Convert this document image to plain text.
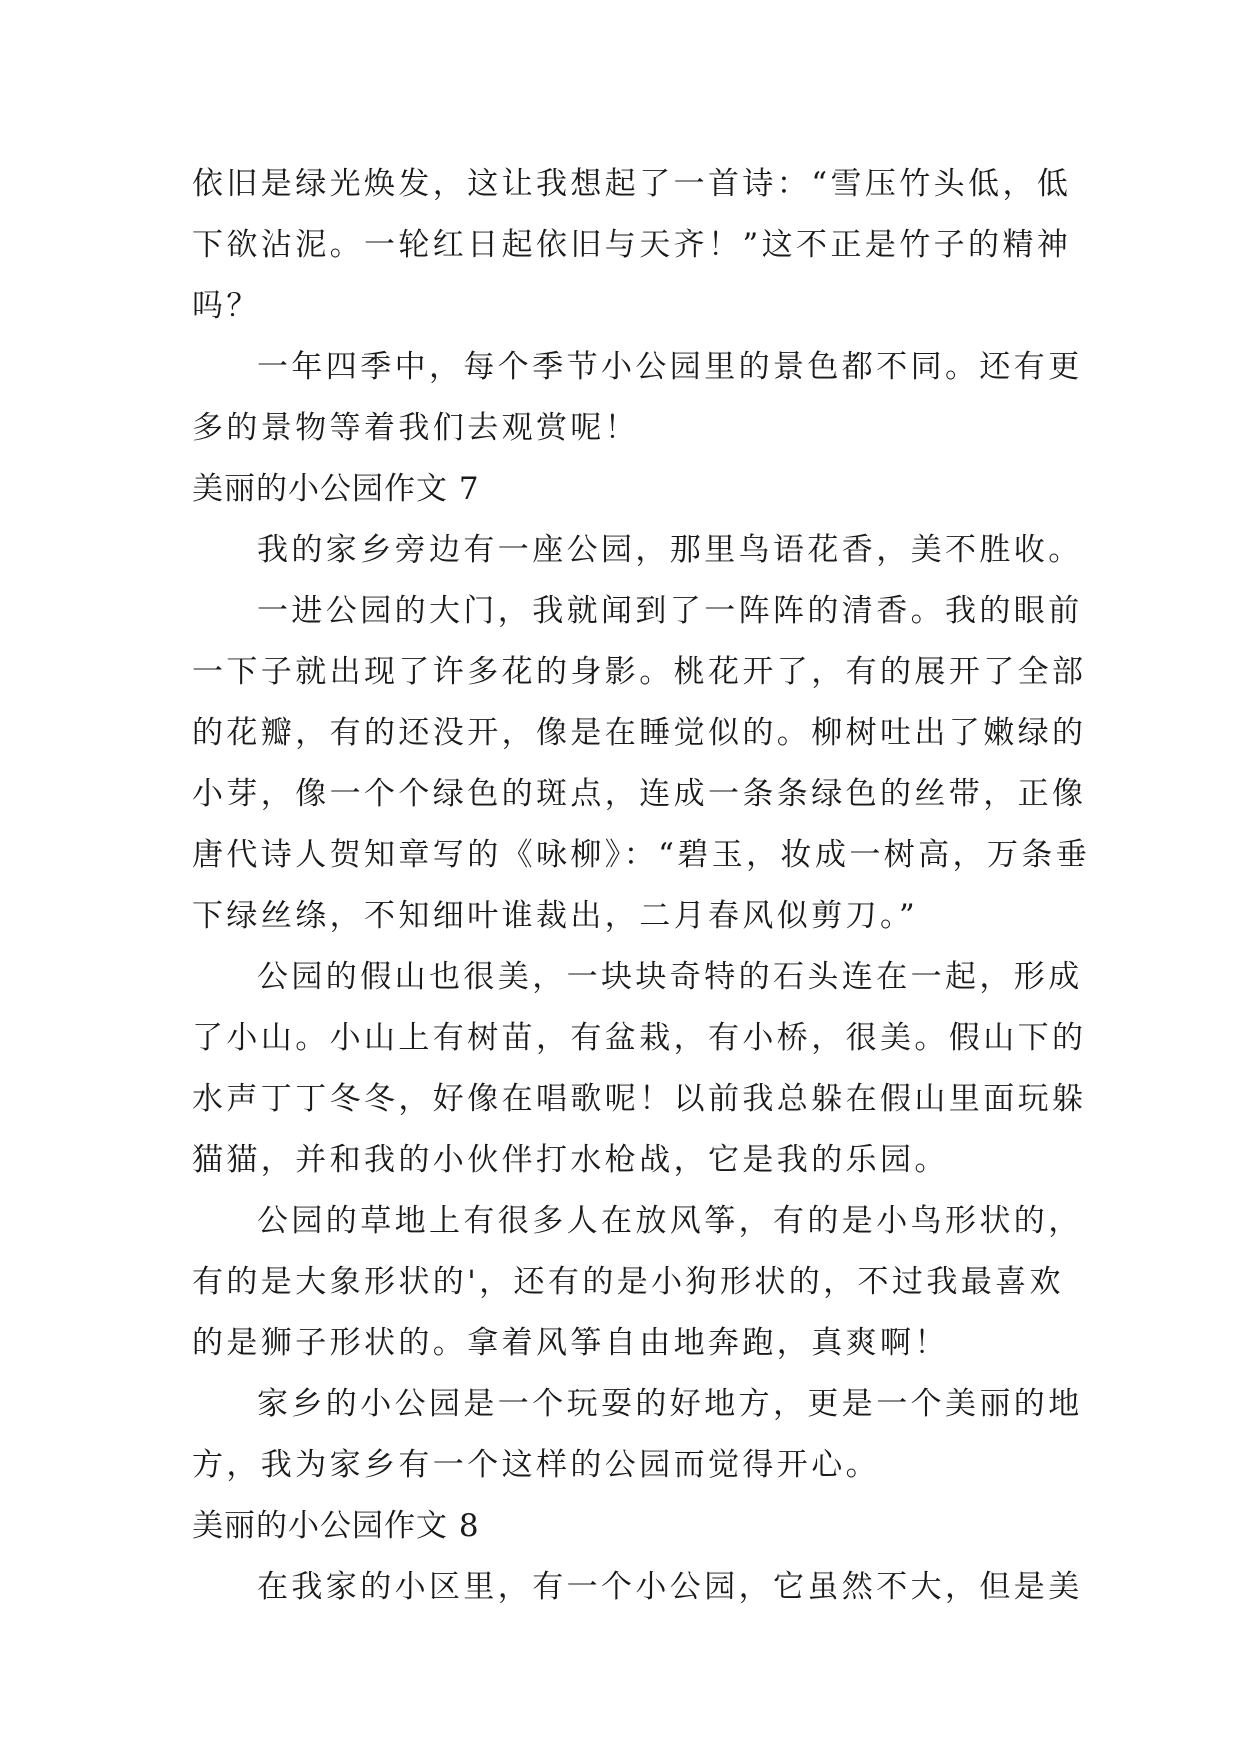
依旧是绿光焕发，这让我想起了一首诗：“雪压竹头低，低
下欲沾泥。一轮红日起依旧与天齐！”这不正是竹子的精神
吗？
一年四季中，每个季节小公园里的景色都不同。还有更
多的景物等着我们去观赏呢！
美丽的小公园作文 7
我的家乡旁边有一座公园，那里鸟语花香，美不胜收。
一进公园的大门，我就闻到了一阵阵的清香。我的眼前
一下子就出现了许多花的身影。桃花开了，有的展开了全部
的花瓣，有的还没开，像是在睡觉似的。柳树吐出了嫩绿的
小芽，像一个个绿色的斑点，连成一条条绿色的丝带，正像
唐代诗人贺知章写的《咏柳》：“碧玉，妆成一树高，万条垂
下绿丝绦，不知细叶谁裁出，二月春风似剪刀。”
公园的假山也很美，一块块奇特的石头连在一起，形成
了小山。小山上有树苗，有盆栽，有小桥，很美。假山下的
水声丁丁冬冬，好像在唱歌呢！以前我总躲在假山里面玩躲
猫猫，并和我的小伙伴打水枪战，它是我的乐园。
公园的草地上有很多人在放风筝，有的是小鸟形状的，
有的是大象形状的'，还有的是小狗形状的，不过我最喜欢
的是狮子形状的。拿着风筝自由地奔跑，真爽啊！
家乡的小公园是一个玩耍的好地方，更是一个美丽的地
方，我为家乡有一个这样的公园而觉得开心。
美丽的小公园作文 8
在我家的小区里，有一个小公园，它虽然不大，但是美
